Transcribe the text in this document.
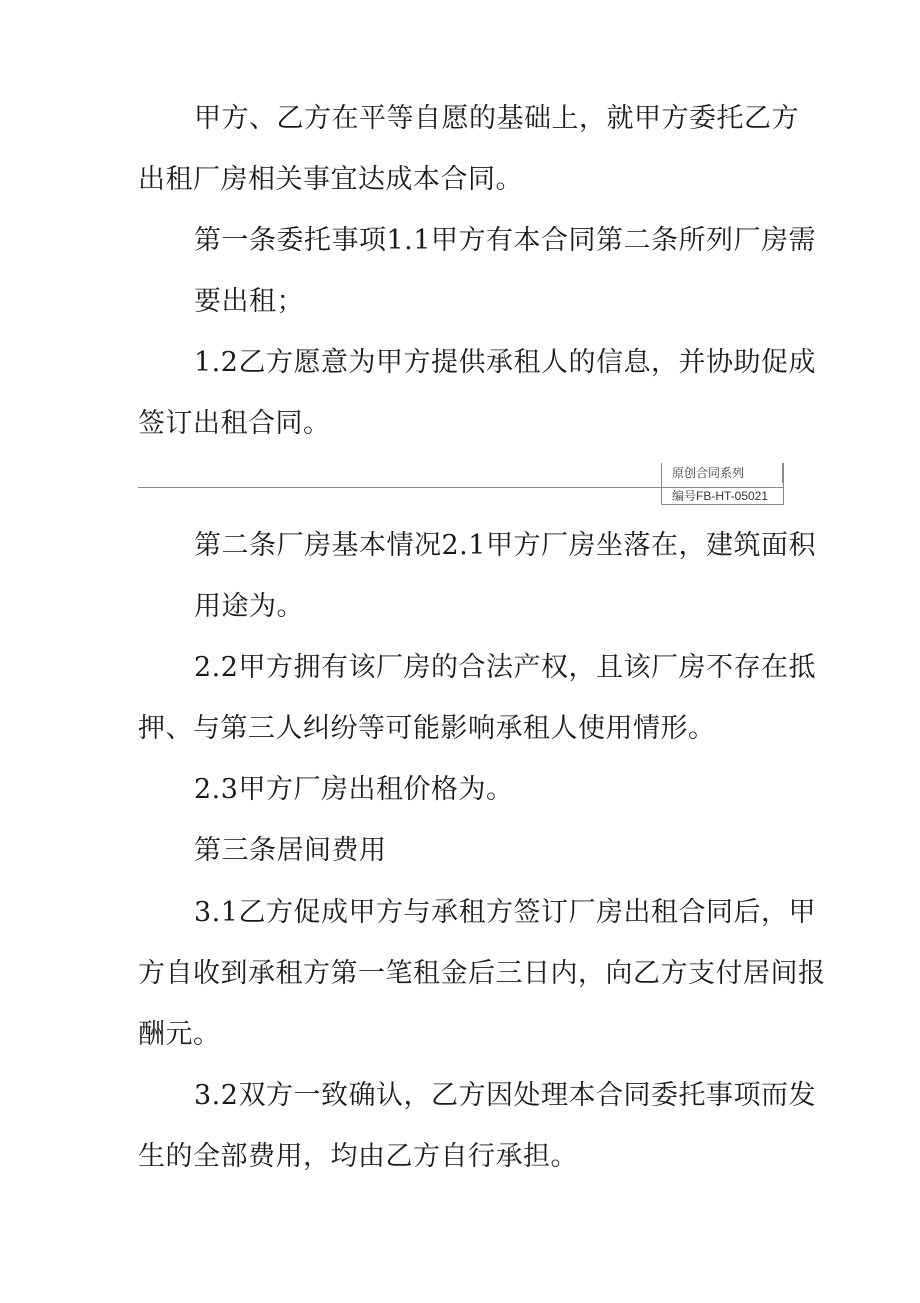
甲方、乙方在平等自愿的基础上，就甲方委托乙方
出租厂房相关事宜达成本合同。
第一条委托事项1.1甲方有本合同第二条所列厂房需
要出租；
1.2乙方愿意为甲方提供承租人的信息，并协助促成
签订出租合同。
原创合同系列
编号FB-HT-05021
第二条厂房基本情况2.1甲方厂房坐落在，建筑面积
用途为。
2.2甲方拥有该厂房的合法产权，且该厂房不存在抵
押、与第三人纠纷等可能影响承租人使用情形。
2.3甲方厂房出租价格为。
第三条居间费用
3.1乙方促成甲方与承租方签订厂房出租合同后，甲
方自收到承租方第一笔租金后三日内，向乙方支付居间报
酬元。
3.2双方一致确认，乙方因处理本合同委托事项而发
生的全部费用，均由乙方自行承担。
